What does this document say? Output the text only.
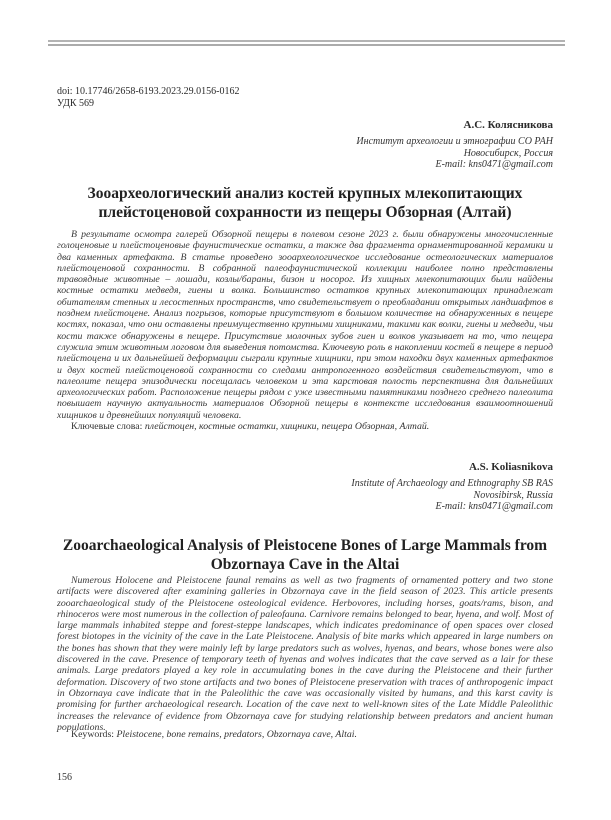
doi: 10.17746/2658-6193.2023.29.0156-0162
УДК 569
А.С. Колясникова
Институт археологии и этнографии СО РАН
Новосибирск, Россия
E-mail: kns0471@gmail.com
Зооархеологический анализ костей крупных млекопитающих плейстоценовой сохранности из пещеры Обзорная (Алтай)
В результате осмотра галерей Обзорной пещеры в полевом сезоне 2023 г. были обнаружены многочисленные голоценовые и плейстоценовые фаунистические остатки, а также два фрагмента орнаментированной керамики и два каменных артефакта. В статье проведено зооархеологическое исследование остеологических материалов плейстоценовой сохранности. В собранной палеофаунистической коллекции наиболее полно представлены травоядные животные – лошади, козлы/бараны, бизон и носорог. Из хищных млекопитающих были найдены костные остатки медведя, гиены и волка. Большинство остатков крупных млекопитающих принадлежат обитателям степных и лесостепных пространств, что свидетельствует о преобладании открытых ландшафтов в позднем плейстоцене. Анализ погрызов, которые присутствуют в большом количестве на обнаруженных в пещере костях, показал, что они оставлены преимущественно крупными хищниками, такими как волки, гиены и медведи, чьи кости также обнаружены в пещере. Присутствие молочных зубов гиен и волков указывает на то, что пещера служила этим животным логовом для выведения потомства. Ключевую роль в накоплении костей в пещере в период плейстоцена и их дальнейшей деформации сыграли крупные хищники, при этом находки двух каменных артефактов и двух костей плейстоценовой сохранности со следами антропогенного воздействия свидетельствуют, что в палеолите пещера эпизодически посещалась человеком и эта карстовая полость перспективна для дальнейших археологических работ. Расположение пещеры рядом с уже известными памятниками позднего среднего палеолита повышает научную актуальность материалов Обзорной пещеры в контексте исследования взаимоотношений хищников и древнейших популяций человека.
Ключевые слова: плейстоцен, костные остатки, хищники, пещера Обзорная, Алтай.
A.S. Koliasnikova
Institute of Archaeology and Ethnography SB RAS
Novosibirsk, Russia
E-mail: kns0471@gmail.com
Zooarchaeological Analysis of Pleistocene Bones of Large Mammals from Obzornaya Cave in the Altai
Numerous Holocene and Pleistocene faunal remains as well as two fragments of ornamented pottery and two stone artifacts were discovered after examining galleries in Obzornaya cave in the field season of 2023. This article presents zooarchaeological study of the Pleistocene osteological evidence. Herbovores, including horses, goats/rams, bison, and rhinoceros were most numerous in the collection of paleofauna. Carnivore remains belonged to bear, hyena, and wolf. Most of large mammals inhabited steppe and forest-steppe landscapes, which indicates predominance of open spaces over closed forest biotopes in the vicinity of the cave in the Late Pleistocene. Analysis of bite marks which appeared in large numbers on the bones has shown that they were mainly left by large predators such as wolves, hyenas, and bears, whose bones were also discovered in the cave. Presence of temporary teeth of hyenas and wolves indicates that the cave served as a lair for these animals. Large predators played a key role in accumulating bones in the cave during the Pleistocene and their further deformation. Discovery of two stone artifacts and two bones of Pleistocene preservation with traces of anthropogenic impact in Obzornaya cave indicate that in the Paleolithic the cave was occasionally visited by humans, and this karst cavity is promising for further archaeological research. Location of the cave next to well-known sites of the Late Middle Paleolithic increases the relevance of evidence from Obzornaya cave for studying relationship between predators and ancient human populations.
Keywords: Pleistocene, bone remains, predators, Obzornaya cave, Altai.
156
